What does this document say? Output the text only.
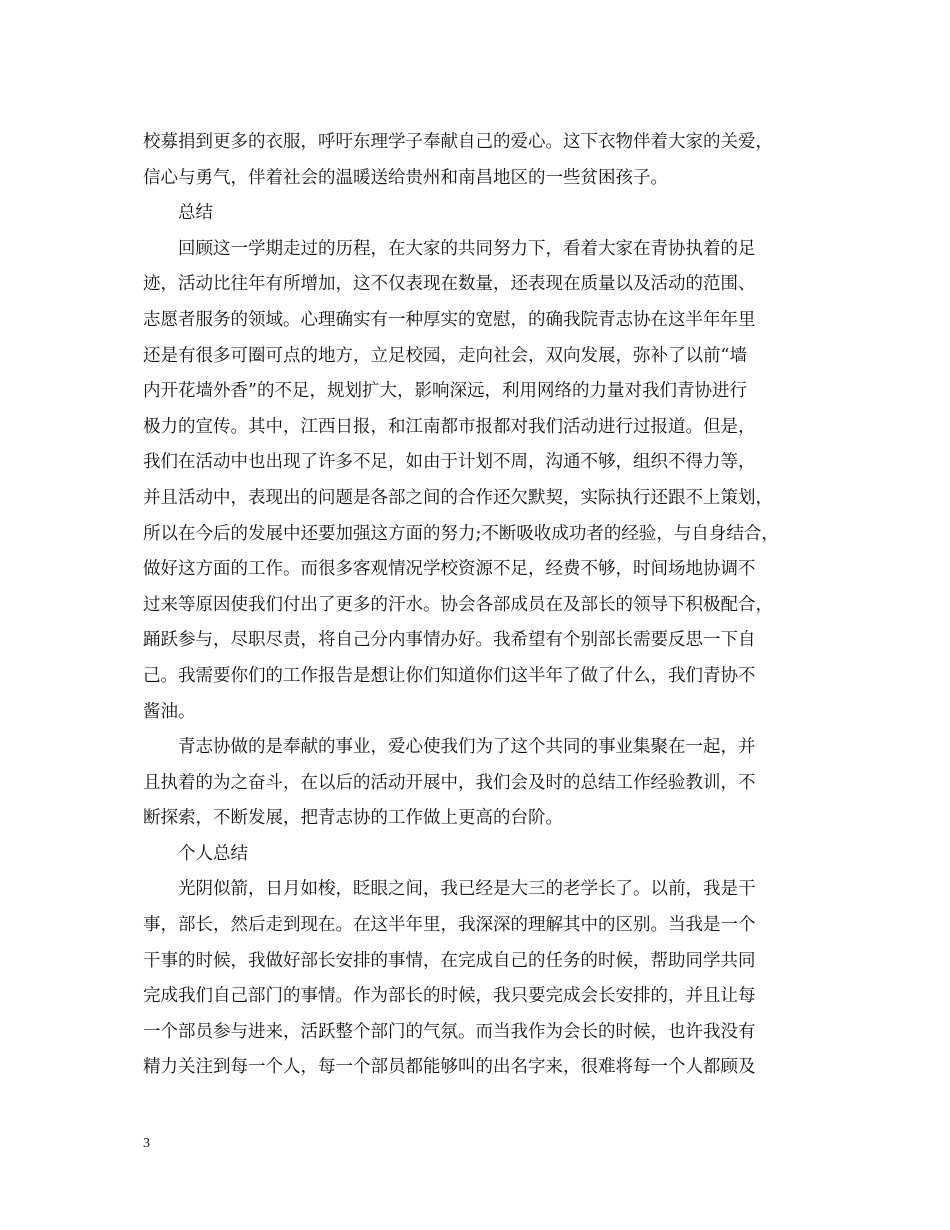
校募捐到更多的衣服，呼吁东理学子奉献自己的爱心。这下衣物伴着大家的关爱，
信心与勇气，伴着社会的温暖送给贵州和南昌地区的一些贫困孩子。
总结
回顾这一学期走过的历程，在大家的共同努力下，看着大家在青协执着的足
迹，活动比往年有所增加，这不仅表现在数量，还表现在质量以及活动的范围、
志愿者服务的领域。心理确实有一种厚实的宽慰，的确我院青志协在这半年年里
还是有很多可圈可点的地方，立足校园，走向社会，双向发展，弥补了以前“墙
内开花墙外香”的不足，规划扩大，影响深远，利用网络的力量对我们青协进行
极力的宣传。其中，江西日报，和江南都市报都对我们活动进行过报道。但是，
我们在活动中也出现了许多不足，如由于计划不周，沟通不够，组织不得力等，
并且活动中，表现出的问题是各部之间的合作还欠默契，实际执行还跟不上策划，
所以在今后的发展中还要加强这方面的努力;不断吸收成功者的经验，与自身结合，
做好这方面的工作。而很多客观情况学校资源不足，经费不够，时间场地协调不
过来等原因使我们付出了更多的汗水。协会各部成员在及部长的领导下积极配合，
踊跃参与，尽职尽责，将自己分内事情办好。我希望有个别部长需要反思一下自
己。我需要你们的工作报告是想让你们知道你们这半年了做了什么，我们青协不
酱油。
青志协做的是奉献的事业，爱心使我们为了这个共同的事业集聚在一起，并
且执着的为之奋斗，在以后的活动开展中，我们会及时的总结工作经验教训，不
断探索，不断发展，把青志协的工作做上更高的台阶。
个人总结
光阴似箭，日月如梭，眨眼之间，我已经是大三的老学长了。以前，我是干
事，部长，然后走到现在。在这半年里，我深深的理解其中的区别。当我是一个
干事的时候，我做好部长安排的事情，在完成自己的任务的时候，帮助同学共同
完成我们自己部门的事情。作为部长的时候，我只要完成会长安排的，并且让每
一个部员参与进来，活跃整个部门的气氛。而当我作为会长的时候，也许我没有
精力关注到每一个人，每一个部员都能够叫的出名字来，很难将每一个人都顾及
3
